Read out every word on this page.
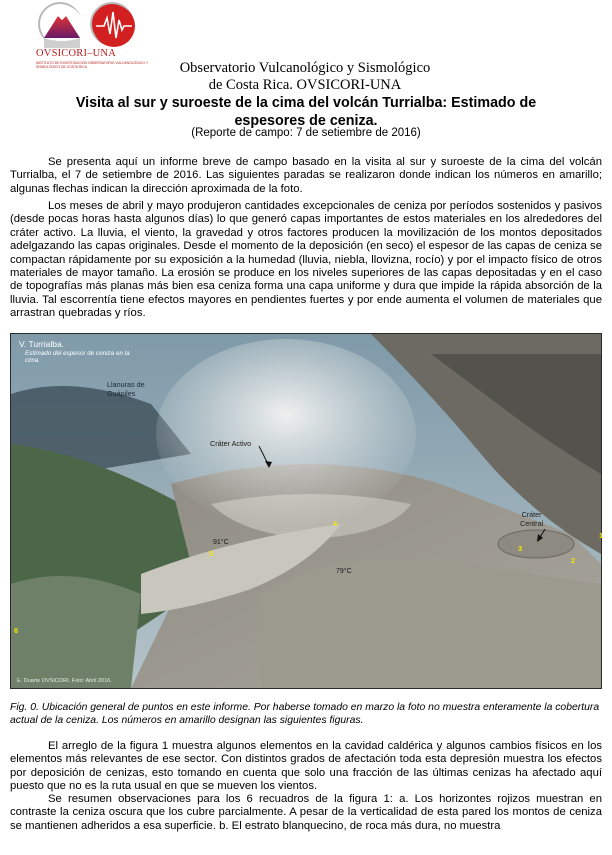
OVSICORI–UNA
INSTITUTO DE INVESTIGACIÓN OBSERVATORIO VULCANOLÓGICO Y SISMOLÓGICO DE COSTA RICA	Observatorio Vulcanológico y Sismológico
de Costa Rica. OVSICORI-UNA
Visita al sur y suroeste de la cima del volcán Turrialba: Estimado de espesores de ceniza.
(Reporte de campo: 7 de setiembre de 2016)

Se presenta aquí un informe breve de campo basado en la visita al sur y suroeste de la cima del volcán Turrialba, el 7 de setiembre de 2016. Las siguientes paradas se realizaron donde indican los números en amarillo; algunas flechas indican la dirección aproximada de la foto.

Los meses de abril y mayo produjeron cantidades excepcionales de ceniza por períodos sostenidos y pasivos (desde pocas horas hasta algunos días) lo que generó capas importantes de estos materiales en los alrededores del cráter activo. La lluvia, el viento, la gravedad y otros factores producen la movilización de los montos depositados adelgazando las capas originales. Desde el momento de la deposición (en seco) el espesor de las capas de ceniza se compactan rápidamente por su exposición a la humedad (lluvia, niebla, llovizna, rocío) y por el impacto físico de otros materiales de mayor tamaño. La erosión se produce en los niveles superiores de las capas depositadas y en el caso de topografías más planas más bien esa ceniza forma una capa uniforme y dura que impide la rápida absorción de la lluvia. Tal escorrentía tiene efectos mayores en pendientes fuertes y por ende aumenta el volumen de materiales que arrastran quebradas y ríos.

V. Turrialba.
Estimado del espesor de ceniza en la cima.
Llanuras de Guápiles
Cráter Activo
Cráter
Central
91°C
79°C
1
2
3
4
5
6
E. Duarte OVSICORI. Foto: Abril 2016.

Fig. 0. Ubicación general de puntos en este informe. Por haberse tomado en marzo la foto no muestra enteramente la cobertura actual de la ceniza. Los números en amarillo designan las siguientes figuras.

El arreglo de la figura 1 muestra algunos elementos en la cavidad caldérica y algunos cambios físicos en los elementos más relevantes de ese sector. Con distintos grados de afectación toda esta depresión muestra los efectos por deposición de cenizas, esto tomando en cuenta que solo una fracción de las últimas cenizas ha afectado aquí puesto que no es la ruta usual en que se mueven los vientos.

Se resumen observaciones para los 6 recuadros de la figura 1: a. Los horizontes rojizos muestran en contraste la ceniza oscura que los cubre parcialmente. A pesar de la verticalidad de esta pared los montos de ceniza se mantienen adheridos a esa superficie. b. El estrato blanquecino, de roca más dura, no muestra
